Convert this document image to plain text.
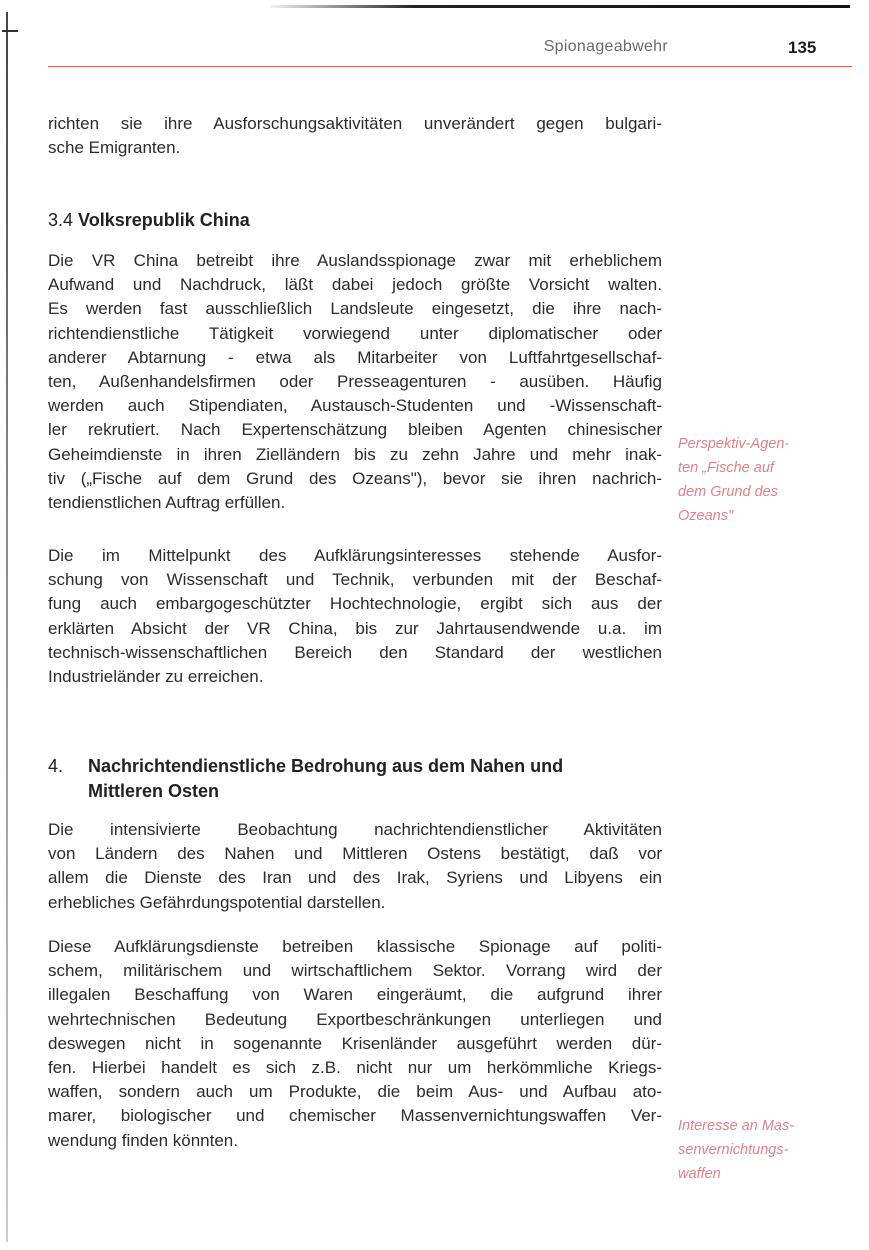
Spionageabwehr	135

richten sie ihre Ausforschungsaktivitäten unverändert gegen bulgari-
sche Emigranten.

3.4 Volksrepublik China

Die VR China betreibt ihre Auslandsspionage zwar mit erheblichem
Aufwand und Nachdruck, läßt dabei jedoch größte Vorsicht walten.
Es werden fast ausschließlich Landsleute eingesetzt, die ihre nach-
richtendienstliche Tätigkeit vorwiegend unter diplomatischer oder
anderer Abtarnung - etwa als Mitarbeiter von Luftfahrtgesellschaf-
ten, Außenhandelsfirmen oder Presseagenturen - ausüben. Häufig
werden auch Stipendiaten, Austausch-Studenten und -Wissenschaft-
ler rekrutiert. Nach Expertenschätzung bleiben Agenten chinesischer
Geheimdienste in ihren Zielländern bis zu zehn Jahre und mehr inak-
tiv („Fische auf dem Grund des Ozeans"), bevor sie ihren nachrich-
tendienstlichen Auftrag erfüllen.

Perspektiv-Agen-
ten „Fische auf
dem Grund des
Ozeans"

Die im Mittelpunkt des Aufklärungsinteresses stehende Ausfor-
schung von Wissenschaft und Technik, verbunden mit der Beschaf-
fung auch embargogeschützter Hochtechnologie, ergibt sich aus der
erklärten Absicht der VR China, bis zur Jahrtausendwende u.a. im
technisch-wissenschaftlichen Bereich den Standard der westlichen
Industrieländer zu erreichen.

4. Nachrichtendienstliche Bedrohung aus dem Nahen und
Mittleren Osten

Die intensivierte Beobachtung nachrichtendienstlicher Aktivitäten
von Ländern des Nahen und Mittleren Ostens bestätigt, daß vor
allem die Dienste des Iran und des Irak, Syriens und Libyens ein
erhebliches Gefährdungspotential darstellen.

Diese Aufklärungsdienste betreiben klassische Spionage auf politi-
schem, militärischem und wirtschaftlichem Sektor. Vorrang wird der
illegalen Beschaffung von Waren eingeräumt, die aufgrund ihrer
wehrtechnischen Bedeutung Exportbeschränkungen unterliegen und
deswegen nicht in sogenannte Krisenländer ausgeführt werden dür-
fen. Hierbei handelt es sich z.B. nicht nur um herkömmliche Kriegs-
waffen, sondern auch um Produkte, die beim Aus- und Aufbau ato-
marer, biologischer und chemischer Massenvernichtungswaffen Ver-
wendung finden könnten.

Interesse an Mas-
senvernichtungs-
waffen
